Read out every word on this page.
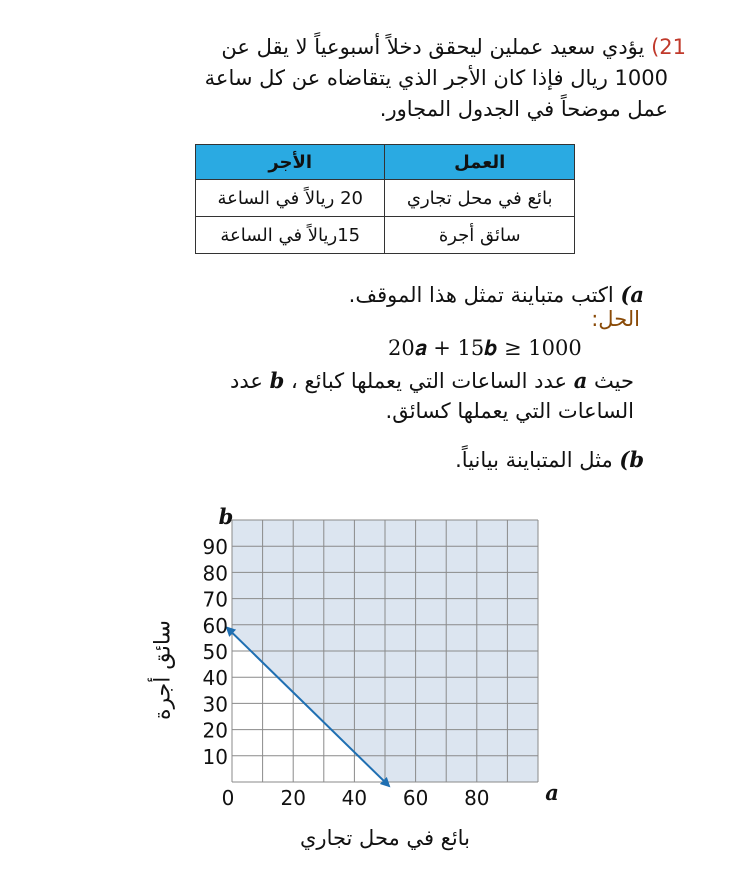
21) يؤدي سعيد عملين ليحقق دخلاً أسبوعياً لا يقل عن
1000 ريال فإذا كان الأجر الذي يتقاضاه عن كل ساعة
عمل موضحاً في الجدول المجاور.
العمل	الأجر
بائع في محل تجاري	20 ريالاً في الساعة
سائق أجرة	15ريالاً في الساعة
a) اكتب متباينة تمثل هذا الموقف.
الحل:
20𝒂 + 15𝒃 ≥ 1000
حيث a عدد الساعات التي يعملها كبائع ، b عدد
الساعات التي يعملها كسائق.
b) مثل المتباينة بيانياً.
10
20
30
40
50
60
70
80
90
0 20 40 60 80
b
a
سائق أجرة
بائع في محل تجاري
